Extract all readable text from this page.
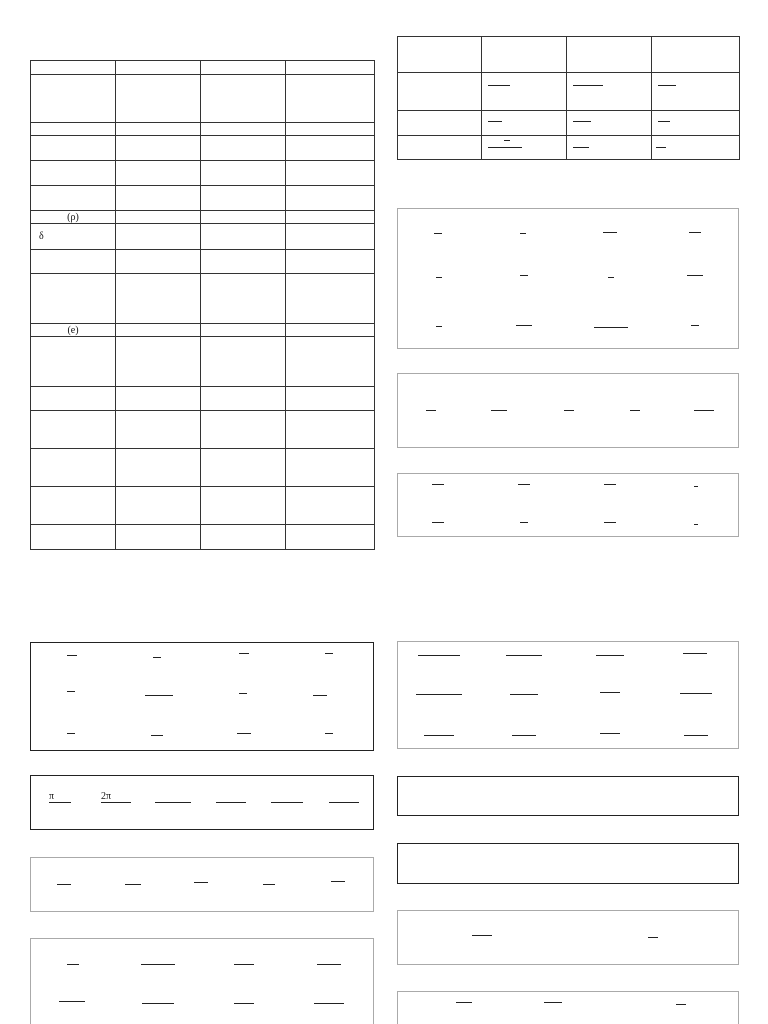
(ρ)			
δ			

(e)			

π	2π
